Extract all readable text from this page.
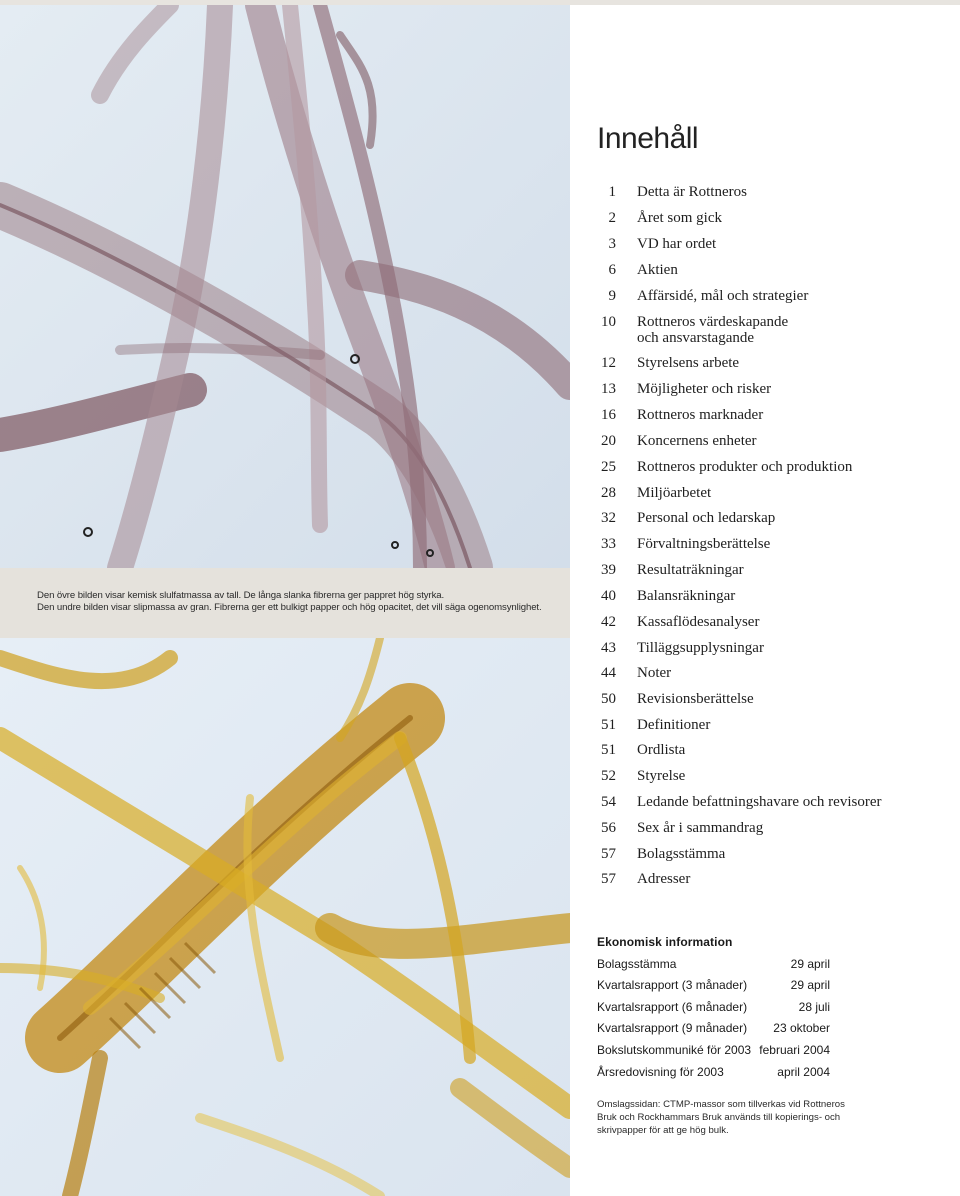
Den övre bilden visar kemisk slulfatmassa av tall. De långa slanka fibrerna ger pappret hög styrka.

Den undre bilden visar slipmassa av gran. Fibrerna ger ett bulkigt papper och hög opacitet, det vill säga ogenomsynlighet.

Innehåll
1 Detta är Rottneros
2 Året som gick
3 VD har ordet
6 Aktien
9 Affärsidé, mål och strategier
10 Rottneros värdeskapande
och ansvarstagande
12 Styrelsens arbete
13 Möjligheter och risker
16 Rottneros marknader
20 Koncernens enheter
25 Rottneros produkter och produktion
28 Miljöarbetet
32 Personal och ledarskap
33 Förvaltningsberättelse
39 Resultaträkningar
40 Balansräkningar
42 Kassaflödesanalyser
43 Tilläggsupplysningar
44 Noter
50 Revisionsberättelse
51 Definitioner
51 Ordlista
52 Styrelse
54 Ledande befattningshavare och revisorer
56 Sex år i sammandrag
57 Bolagsstämma
57 Adresser
Ekonomisk information
Bolagsstämma	29 april
Kvartalsrapport (3 månader)	29 april
Kvartalsrapport (6 månader)	28 juli
Kvartalsrapport (9 månader) 23 oktober
Bokslutskommuniké för 2003 februari 2004
Årsredovisning för 2003	april 2004

Omslagssidan: CTMP-massor som tillverkas vid Rottneros
Bruk och Rockhammars Bruk används till kopierings- och
skrivpapper för att ge hög bulk.
